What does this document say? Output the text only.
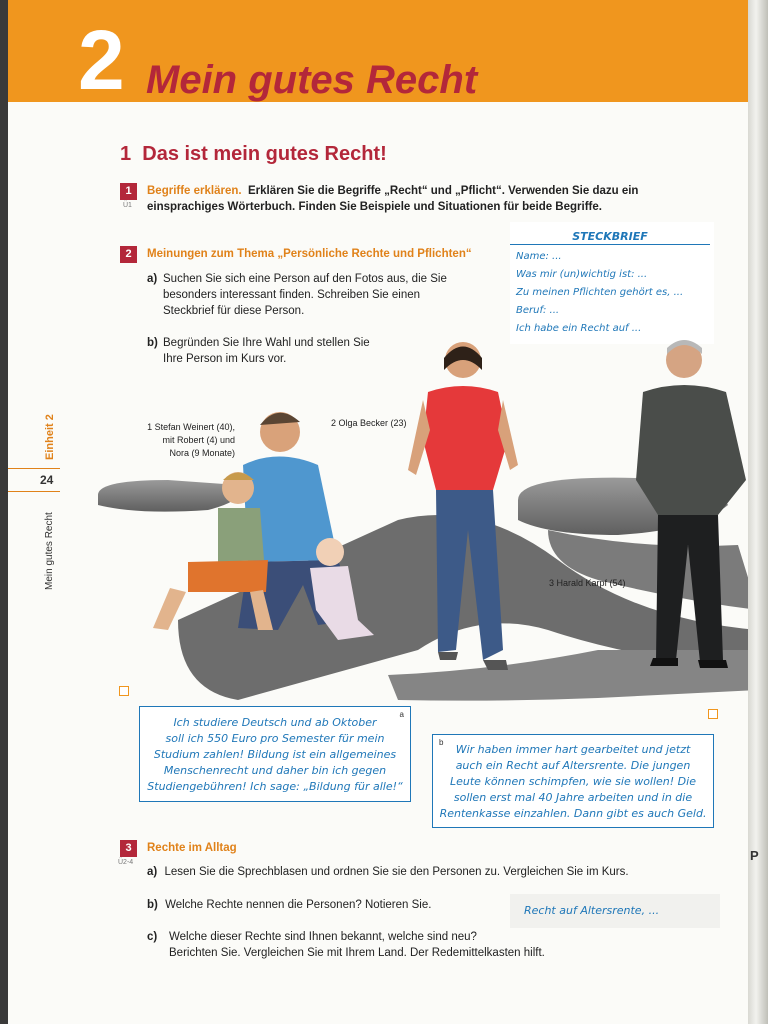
2 Mein gutes Recht
1 Das ist mein gutes Recht!
1
Ü1
Begriffe erklären. Erklären Sie die Begriffe „Recht“ und „Pflicht“. Verwenden Sie dazu ein
einsprachiges Wörterbuch. Finden Sie Beispiele und Situationen für beide Begriffe.
2	Meinungen zum Thema „Persönliche Rechte und Pflichten“
a) Suchen Sie sich eine Person auf den Fotos aus, die Sie
besonders interessant finden. Schreiben Sie einen
Steckbrief für diese Person.
b) Begründen Sie Ihre Wahl und stellen Sie
Ihre Person im Kurs vor.
STECKBRIEF
Name: ...
Was mir (un)wichtig ist: ...
Zu meinen Pflichten gehört es, ...
Beruf: ...
Ich habe ein Recht auf ...
Einheit 2
24
Mein gutes Recht
1 Stefan Weinert (40),
mit Robert (4) und
Nora (9 Monate)
2 Olga Becker (23)
3 Harald Karpf (54)
a
Ich studiere Deutsch und ab Oktober
soll ich 550 Euro pro Semester für mein
Studium zahlen! Bildung ist ein allgemeines
Menschenrecht und daher bin ich gegen
Studiengebühren! Ich sage: „Bildung für alle!“
b
Wir haben immer hart gearbeitet und jetzt
auch ein Recht auf Altersrente. Die jungen
Leute können schimpfen, wie sie wollen! Die
sollen erst mal 40 Jahre arbeiten und in die
Rentenkasse einzahlen. Dann gibt es auch Geld.
3
Ü2-4
Rechte im Alltag
a) Lesen Sie die Sprechblasen und ordnen Sie sie den Personen zu. Vergleichen Sie im Kurs.
b) Welche Rechte nennen die Personen? Notieren Sie.
c) Welche dieser Rechte sind Ihnen bekannt, welche sind neu?
Berichten Sie. Vergleichen Sie mit Ihrem Land. Der Redemittelkasten hilft.
Recht auf Altersrente, ...
P
